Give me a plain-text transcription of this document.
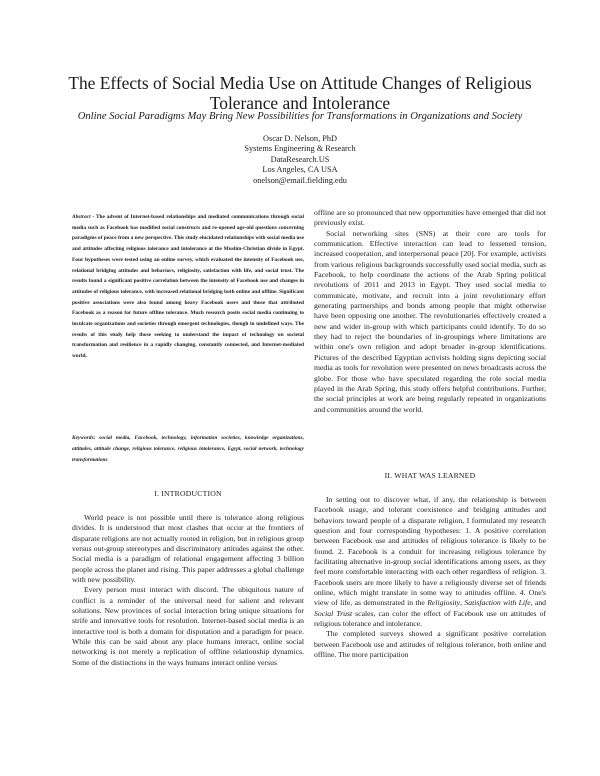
The Effects of Social Media Use on Attitude Changes of Religious Tolerance and Intolerance

Online Social Paradigms May Bring New Possibilities for Transformations in Organizations and Society

Oscar D. Nelson, PhD
Systems Engineering & Research
DataResearch.US
Los Angeles, CA USA
onelson@email.fielding.edu

Abstract - The advent of Internet-based relationships and mediated communications through social media such as Facebook has modified social constructs and re-opened age-old questions concerning paradigms of peace from a new perspective. This study elucidated relationships with social media use and attitudes affecting religious tolerance and intolerance at the Muslim-Christian divide in Egypt. Four hypotheses were tested using an online survey, which evaluated the intensity of Facebook use, relational bridging attitudes and behaviors, religiosity, satisfaction with life, and social trust. The results found a significant positive correlation between the intensity of Facebook use and changes in attitudes of religious tolerance, with increased relational bridging both online and offline. Significant positive associations were also found among heavy Facebook users and those that attributed Facebook as a reason for future offline tolerance. Much research posits social media continuing to inculcate organizations and societies through emergent technologies, though in undefined ways. The results of this study help those seeking to understand the impact of technology on societal transformation and resilience in a rapidly changing, constantly connected, and Internet-mediated world.

Keywords: social media, Facebook, technology, information societies, knowledge organizations, attitudes, attitude change, religious tolerance, religious intolerance, Egypt, social network, technology transformations

I. INTRODUCTION

World peace is not possible until there is tolerance along religious divides. It is understood that most clashes that occur at the frontiers of disparate religions are not actually rooted in religion, but in religious group versus out-group stereotypes and discriminatory attitudes against the other. Social media is a paradigm of relational engagement affecting 3 billion people across the planet and rising. This paper addresses a global challenge with new possibility.

Every person must interact with discord. The ubiquitous nature of conflict is a reminder of the universal need for salient and relevant solutions. New provinces of social interaction bring unique situations for strife and innovative tools for resolution. Internet-based social media is an interactive tool is both a domain for disputation and a paradigm for peace. While this can be said about any place humans interact, online social networking is not merely a replication of offline relationship dynamics. Some of the distinctions in the ways humans interact online versus

offline are so pronounced that new opportunities have emerged that did not previously exist.

Social networking sites (SNS) at their core are tools for communication. Effective interaction can lead to lessened tension, increased cooperation, and interpersonal peace [20]. For example, activists from various religious backgrounds successfully used social media, such as Facebook, to help coordinate the actions of the Arab Spring political revolutions of 2011 and 2013 in Egypt. They used social media to communicate, motivate, and recruit into a joint revolutionary effort generating partnerships and bonds among people that might otherwise have been opposing one another. The revolutionaries effectively created a new and wider in-group with which participants could identify. To do so they had to reject the boundaries of in-groupings where limitations are within one's own religion and adopt broader in-group identifications. Pictures of the described Egyptian activists holding signs depicting social media as tools for revolution were presented on news broadcasts across the globe. For those who have speculated regarding the role social media played in the Arab Spring, this study offers helpful contributions. Further, the social principles at work are being regularly repeated in organizations and communities around the world.

II. WHAT WAS LEARNED

In setting out to discover what, if any, the relationship is between Facebook usage, and tolerant coexistence and bridging attitudes and behaviors toward people of a disparate religion, I formulated my research question and four corresponding hypotheses: 1. A positive correlation between Facebook use and attitudes of religious tolerance is likely to be found. 2. Facebook is a conduit for increasing religious tolerance by facilitating alternative in-group social identifications among users, as they feel more comfortable interacting with each other regardless of religion. 3. Facebook users are more likely to have a religiously diverse set of friends online, which might translate in some way to attitudes offline. 4. One's view of life, as demonstrated in the Religiosity, Satisfaction with Life, and Social Trust scales, can color the effect of Facebook use on attitudes of religious tolerance and intolerance.

The completed surveys showed a significant positive correlation between Facebook use and attitudes of religious tolerance, both online and offline. The more participation
